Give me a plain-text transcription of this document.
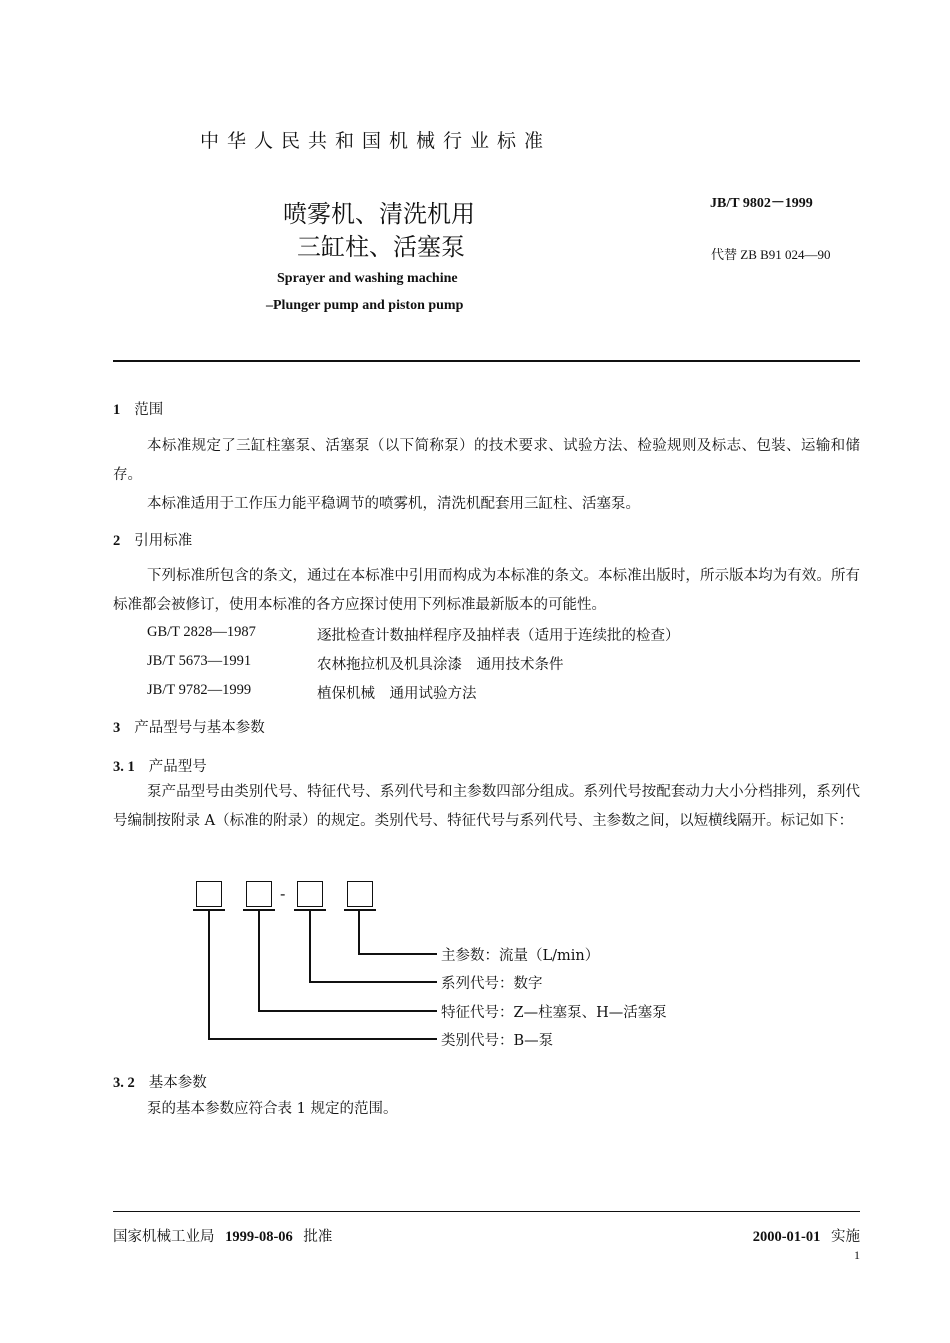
中华人民共和国机械行业标准
喷雾机、清洗机用
三缸柱、活塞泵
Sprayer and washing machine
–Plunger pump and piston pump
JB/T 9802－1999
代替 ZB B91 024—90
1 范围
本标准规定了三缸柱塞泵、活塞泵（以下简称泵）的技术要求、试验方法、检验规则及标志、包装、运输和储存。
本标准适用于工作压力能平稳调节的喷雾机，清洗机配套用三缸柱、活塞泵。
2 引用标准
下列标准所包含的条文，通过在本标准中引用而构成为本标准的条文。本标准出版时，所示版本均为有效。所有标准都会被修订，使用本标准的各方应探讨使用下列标准最新版本的可能性。
GB/T 2828—1987	逐批检查计数抽样程序及抽样表（适用于连续批的检查）
JB/T 5673—1991	农林拖拉机及机具涂漆　通用技术条件
JB/T 9782—1999	植保机械　通用试验方法
3 产品型号与基本参数
3. 1 产品型号
泵产品型号由类别代号、特征代号、系列代号和主参数四部分组成。系列代号按配套动力大小分档排列，系列代号编制按附录 A（标准的附录）的规定。类别代号、特征代号与系列代号、主参数之间，以短横线隔开。标记如下：
-
主参数：流量（L/min）
系列代号：数字
特征代号：Z—柱塞泵、H—活塞泵
类别代号：B—泵
3. 2 基本参数
泵的基本参数应符合表 1 规定的范围。
国家机械工业局 1999-08-06 批准	2000-01-01 实施
1
